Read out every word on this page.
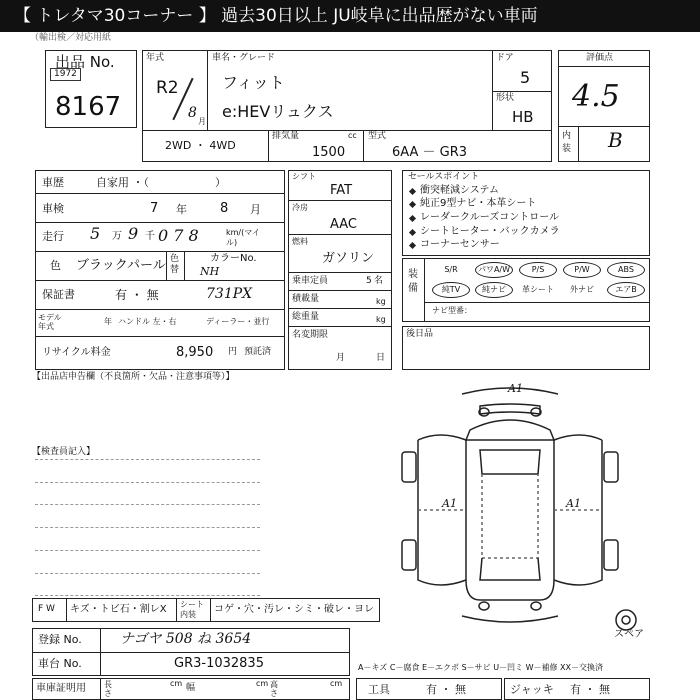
【 トレタマ30コーナー 】 過去30日以上 JU岐阜に出品歴がない車両
（輸出検／対応用紙
出品 No.
1972
8167
年式
R2
8
月
車名・グレード
フィット
e:HEVリュクス
ドア
5
形状
HB
2WD ・ 4WD
排気量	cc
1500
型式
6AA － GR3
評価点
4.5
内装 B
車歴	自家用 ・（　　　　　　）
車検	7 年	8 月
走行 5 万 9 千 0 7 8	km/(マイル)
色 ブラックパール 色替
カラーNo.
NH
保証書	有 ・ 無	731PX
モデル年式
年 ハンドル 左・右	ディーラー・並行
リサイクル料金	8,950 円 預託済
シフト
FAT
冷房
AAC
燃料
ガソリン
乗車定員	5 名
積載量	kg
総重量	kg
名変期限
月	日
セールスポイント
衝突軽減システム
純正9型ナビ・本革シート
レーダークルーズコントロール
シートヒーター・バックカメラ
コーナーセンサー
装備
S/R	パワA/W	P/S	P/W	ABS
純TV	純ナビ	革シート	外ナビ	エアB
ナビ型番：
後日品
【出品店申告欄（不良箇所・欠品・注意事項等）】
【検査員記入】
A1
A1	A1
スペア
F W キズ・トビ石・割レX シート内装	コゲ・穴・汚レ・シミ・破レ・ヨレ
登録 No.	ナゴヤ 508 ね 3654
車台 No.	GR3-1032835	A－キズ C－腐食 E－エクボ S－サビ U－凹ミ W－補修 XX－交換済
車庫証明用 長さ
cm 幅	cm 高さ
cm 工具	有 ・ 無	ジャッキ 有 ・ 無
